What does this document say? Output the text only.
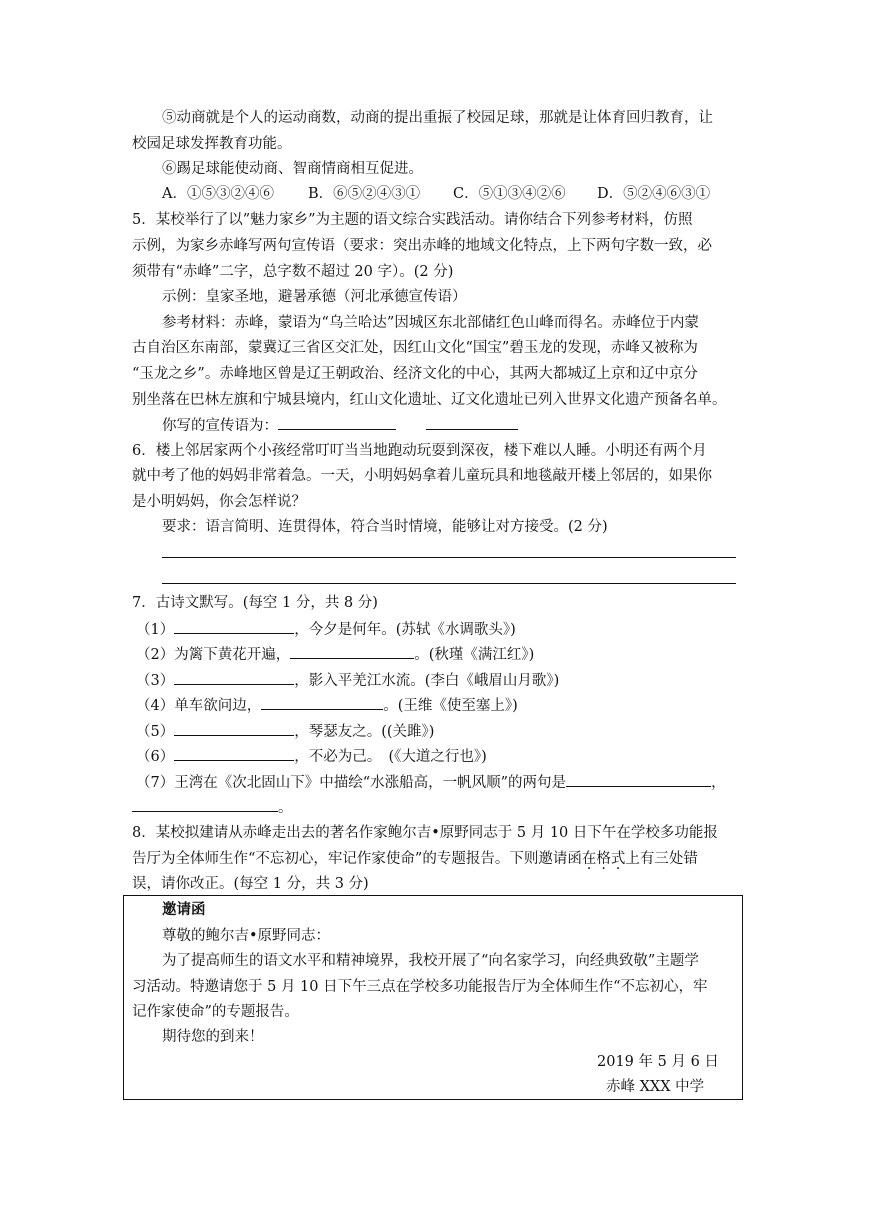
⑤动商就是个人的运动商数，动商的提出重振了校园足球，那就是让体育回归教育，让
校园足球发挥教育功能。
⑥踢足球能使动商、智商情商相互促进。
A．①⑤③②④⑥ B．⑥⑤②④③① C．⑤①③④②⑥ D．⑤②④⑥③①
5．某校举行了以”魅力家乡”为主题的语文综合实践活动。请你结合下列参考材料，仿照
示例，为家乡赤峰写两句宣传语（要求：突出赤峰的地域文化特点，上下两句字数一致，必
须带有“赤峰”二字，总字数不超过 20 字）。(2 分)
示例：皇家圣地，避暑承德（河北承德宣传语）
参考材料：赤峰，蒙语为“乌兰哈达”因城区东北部储红色山峰而得名。赤峰位于内蒙
古自治区东南部，蒙冀辽三省区交汇处，因红山文化“国宝”碧玉龙的发现，赤峰又被称为
“玉龙之乡”。赤峰地区曾是辽王朝政治、经济文化的中心，其两大都城辽上京和辽中京分
别坐落在巴林左旗和宁城县境内，红山文化遗址、辽文化遗址已列入世界文化遗产预备名单。
你写的宣传语为：
6．楼上邻居家两个小孩经常叮叮当当地跑动玩耍到深夜，楼下难以人睡。小明还有两个月
就中考了他的妈妈非常着急。一天，小明妈妈拿着儿童玩具和地毯敲开楼上邻居的，如果你
是小明妈妈，你会怎样说？
要求：语言简明、连贯得体，符合当时情境，能够让对方接受。(2 分)
7．古诗文默写。(每空 1 分，共 8 分)
（1）	，今夕是何年。(苏轼《水调歌头》)
（2）为篱下黄花开遍，	。(秋瑾《满江红》)
（3）	，影入平羌江水流。(李白《峨眉山月歌》)
（4）单车欲问边，	。(王维《使至塞上》)
（5）	，琴瑟友之。((关雎》)
（6）	，不必为己。　(《大道之行也》)
（7）王湾在《次北固山下》中描绘“水涨船高，一帆风顺”的两句是	，
。
8．某校拟建请从赤峰走出去的著名作家鲍尔吉•原野同志于 5 月 10 日下午在学校多功能报
告厅为全体师生作“不忘初心，牢记作家使命”的专题报告。下则邀请函在格式上有三处错
误，请你改正。(每空 1 分，共 3 分)
邀请函
尊敬的鲍尔吉•原野同志：
为了提高师生的语文水平和精神境界，我校开展了“向名家学习，向经典致敬”主题学
习活动。特邀请您于 5 月 10 日下午三点在学校多功能报告厅为全体师生作“不忘初心，牢
记作家使命”的专题报告。
期待您的到来！
2019 年 5 月 6 日
赤峰 XXX 中学
